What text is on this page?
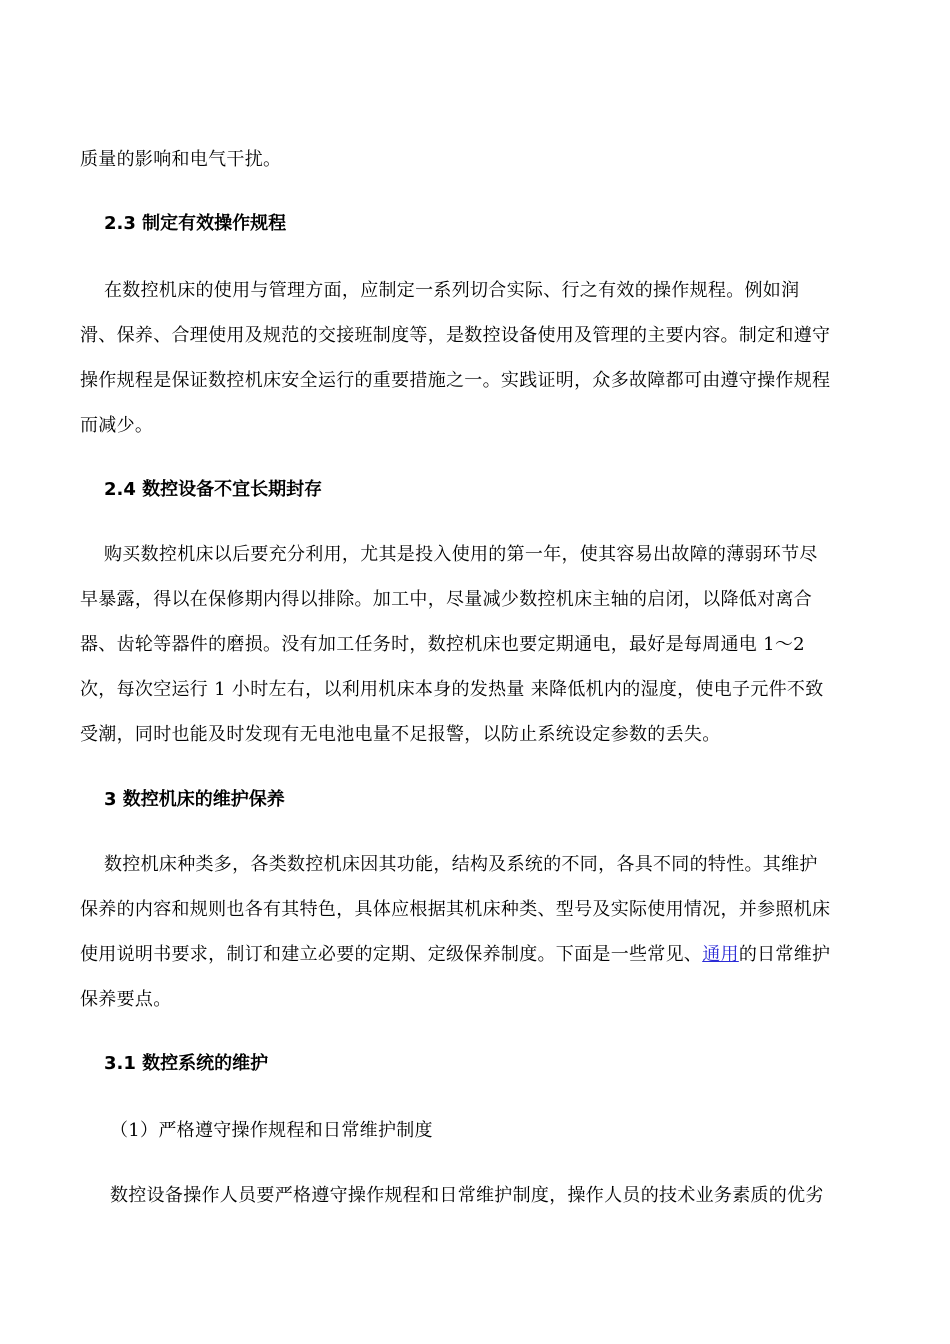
质量的影响和电气干扰。
2.3 制定有效操作规程
在数控机床的使用与管理方面，应制定一系列切合实际、行之有效的操作规程。例如润
滑、保养、合理使用及规范的交接班制度等，是数控设备使用及管理的主要内容。制定和遵守
操作规程是保证数控机床安全运行的重要措施之一。实践证明，众多故障都可由遵守操作规程
而减少。
2.4 数控设备不宜长期封存
购买数控机床以后要充分利用，尤其是投入使用的第一年，使其容易出故障的薄弱环节尽
早暴露，得以在保修期内得以排除。加工中，尽量减少数控机床主轴的启闭，以降低对离合
器、齿轮等器件的磨损。没有加工任务时，数控机床也要定期通电，最好是每周通电 1～2
次，每次空运行 1 小时左右，以利用机床本身的发热量 来降低机内的湿度，使电子元件不致
受潮，同时也能及时发现有无电池电量不足报警，以防止系统设定参数的丢失。
3 数控机床的维护保养
数控机床种类多，各类数控机床因其功能，结构及系统的不同，各具不同的特性。其维护
保养的内容和规则也各有其特色，具体应根据其机床种类、型号及实际使用情况，并参照机床
使用说明书要求，制订和建立必要的定期、定级保养制度。下面是一些常见、通用的日常维护
保养要点。
3.1 数控系统的维护
（1）严格遵守操作规程和日常维护制度
数控设备操作人员要严格遵守操作规程和日常维护制度，操作人员的技术业务素质的优劣
